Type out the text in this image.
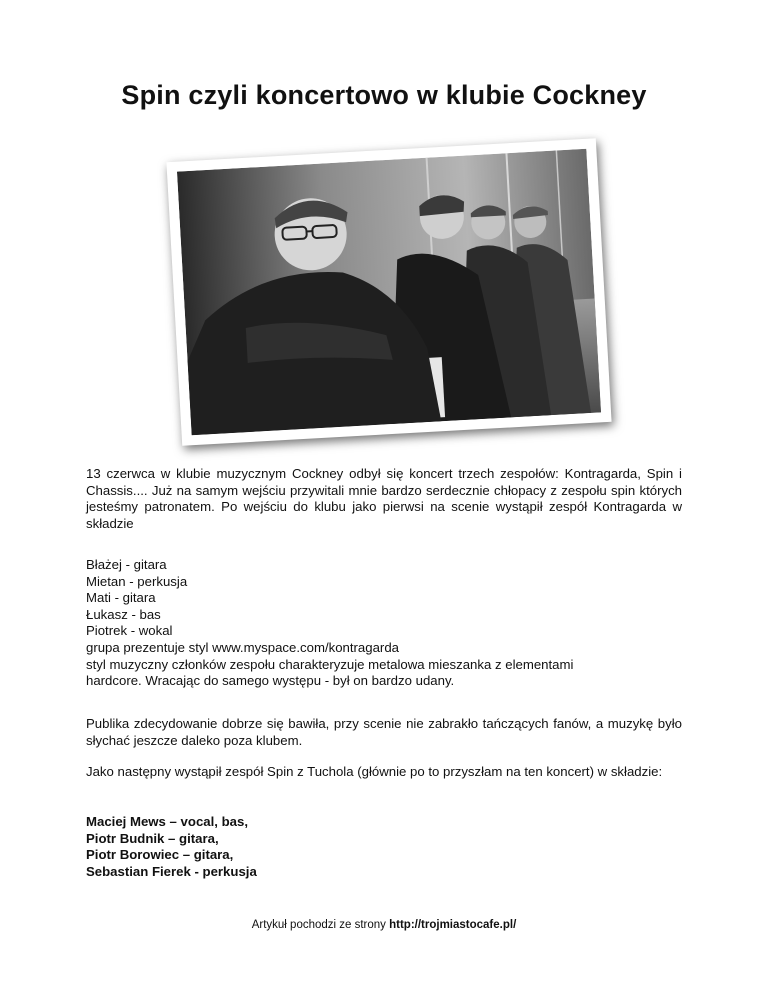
Spin czyli koncertowo w klubie Cockney
13 czerwca w klubie muzycznym Cockney odbył się koncert trzech zespołów: Kontragarda, Spin i Chassis.... Już na samym wejściu przywitali mnie bardzo serdecznie chłopacy z zespołu spin których jesteśmy patronatem. Po wejściu do klubu jako pierwsi na scenie wystąpił zespół Kontragarda w składzie
Błażej - gitara
Mietan - perkusja
Mati - gitara
Łukasz - bas
Piotrek - wokal
grupa prezentuje styl www.myspace.com/kontragarda
styl muzyczny członków zespołu charakteryzuje metalowa mieszanka z elementami
hardcore. Wracając do samego występu - był on bardzo udany.
Publika zdecydowanie dobrze się bawiła, przy scenie nie zabrakło tańczących fanów, a muzykę było słychać jeszcze daleko poza klubem.
Jako następny wystąpił zespół Spin z Tuchola (głównie po to przyszłam na ten koncert) w składzie:
Maciej Mews – vocal, bas,
Piotr Budnik – gitara,
Piotr Borowiec – gitara,
Sebastian Fierek - perkusja
Artykuł pochodzi ze strony http://trojmiastocafe.pl/
